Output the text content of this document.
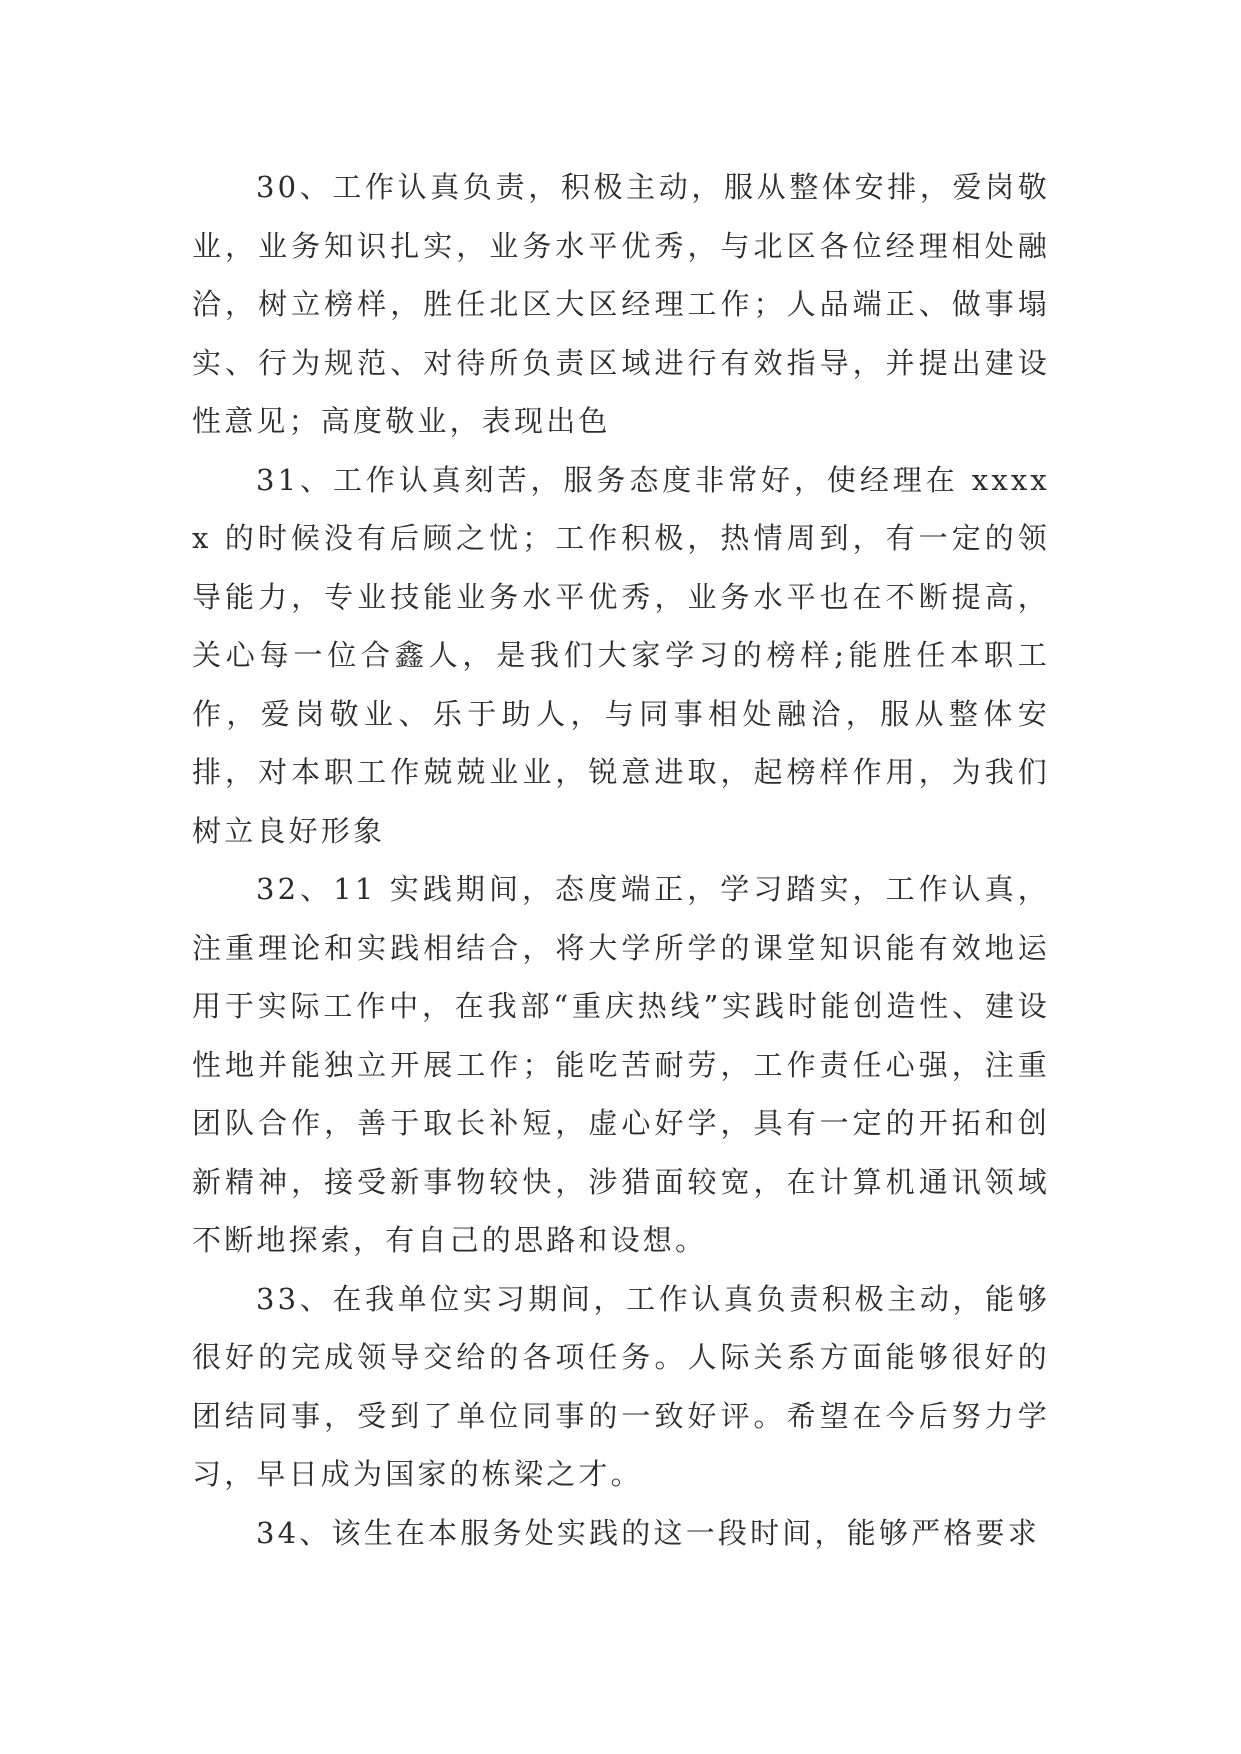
30、工作认真负责，积极主动，服从整体安排，爱岗敬业，业务知识扎实，业务水平优秀，与北区各位经理相处融洽，树立榜样，胜任北区大区经理工作；人品端正、做事塌实、行为规范、对待所负责区域进行有效指导，并提出建设性意见；高度敬业，表现出色

31、工作认真刻苦，服务态度非常好，使经理在 xxxxx 的时候没有后顾之忧；工作积极，热情周到，有一定的领导能力，专业技能业务水平优秀，业务水平也在不断提高，关心每一位合鑫人，是我们大家学习的榜样;能胜任本职工作，爱岗敬业、乐于助人，与同事相处融洽，服从整体安排，对本职工作兢兢业业，锐意进取，起榜样作用，为我们树立良好形象

32、11 实践期间，态度端正，学习踏实，工作认真，注重理论和实践相结合，将大学所学的课堂知识能有效地运用于实际工作中，在我部“重庆热线”实践时能创造性、建设性地并能独立开展工作；能吃苦耐劳，工作责任心强，注重团队合作，善于取长补短，虚心好学，具有一定的开拓和创新精神，接受新事物较快，涉猎面较宽，在计算机通讯领域不断地探索，有自己的思路和设想。

33、在我单位实习期间，工作认真负责积极主动，能够很好的完成领导交给的各项任务。人际关系方面能够很好的团结同事，受到了单位同事的一致好评。希望在今后努力学习，早日成为国家的栋梁之才。

34、该生在本服务处实践的这一段时间，能够严格要求
